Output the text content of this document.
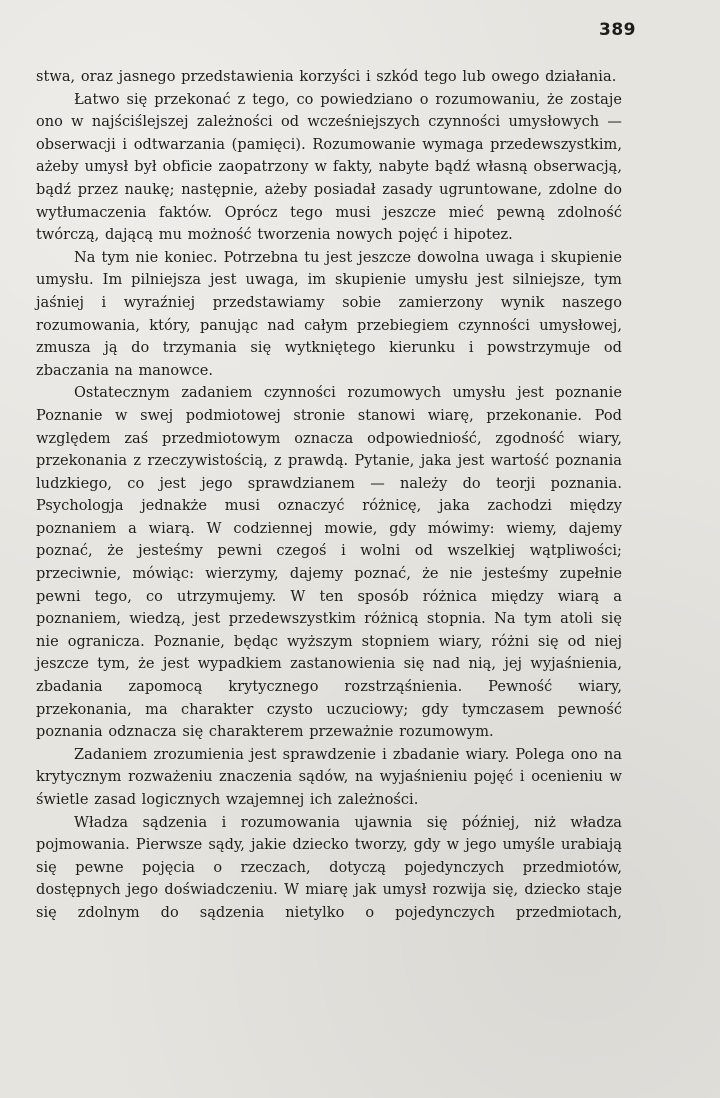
389

stwa, oraz jasnego przedstawienia korzyści i szkód tego lub owego działania.

Łatwo się przekonać z tego, co powiedziano o rozumowaniu, że zostaje ono w najściślejszej zależności od wcześniejszych czynności umysłowych — obserwacji i odtwarzania (pamięci). Rozumowanie wymaga przedewszystkim, ażeby umysł był obficie zaopatrzony w fakty, nabyte bądź własną obserwacją, bądź przez naukę; następnie, ażeby posiadał zasady ugruntowane, zdolne do wytłumaczenia faktów. Oprócz tego musi jeszcze mieć pewną zdolność twórczą, dającą mu możność tworzenia nowych pojęć i hipotez.

Na tym nie koniec. Potrzebna tu jest jeszcze dowolna uwaga i skupienie umysłu. Im pilniejsza jest uwaga, im skupienie umysłu jest silniejsze, tym jaśniej i wyraźniej przedstawiamy sobie zamierzony wynik naszego rozumowania, który, panując nad całym przebiegiem czynności umysłowej, zmusza ją do trzymania się wytkniętego kierunku i powstrzymuje od zbaczania na manowce.

Ostatecznym zadaniem czynności rozumowych umysłu jest poznanie Poznanie w swej podmiotowej stronie stanowi wiarę, przekonanie. Pod względem zaś przedmiotowym oznacza odpowiedniość, zgodność wiary, przekonania z rzeczywistością, z prawdą. Pytanie, jaka jest wartość poznania ludzkiego, co jest jego sprawdzianem — należy do teorji poznania. Psychologja jednakże musi oznaczyć różnicę, jaka zachodzi między poznaniem a wiarą. W codziennej mowie, gdy mówimy: wiemy, dajemy poznać, że jesteśmy pewni czegoś i wolni od wszelkiej wątpliwości; przeciwnie, mówiąc: wierzymy, dajemy poznać, że nie jesteśmy zupełnie pewni tego, co utrzymujemy. W ten sposób różnica między wiarą a poznaniem, wiedzą, jest przedewszystkim różnicą stopnia. Na tym atoli się nie ogranicza. Poznanie, będąc wyższym stopniem wiary, różni się od niej jeszcze tym, że jest wypadkiem zastanowienia się nad nią, jej wyjaśnienia, zbadania zapomocą krytycznego rozstrząśnienia. Pewność wiary, przekonania, ma charakter czysto uczuciowy; gdy tymczasem pewność poznania odznacza się charakterem przeważnie rozumowym.

Zadaniem zrozumienia jest sprawdzenie i zbadanie wiary. Polega ono na krytycznym rozważeniu znaczenia sądów, na wyjaśnieniu pojęć i ocenieniu w świetle zasad logicznych wzajemnej ich zależności.

Władza sądzenia i rozumowania ujawnia się później, niż władza pojmowania. Pierwsze sądy, jakie dziecko tworzy, gdy w jego umyśle urabiają się pewne pojęcia o rzeczach, dotyczą pojedynczych przedmiotów, dostępnych jego doświadczeniu. W miarę jak umysł rozwija się, dziecko staje się zdolnym do sądzenia nietylko o pojedynczych przedmiotach,
